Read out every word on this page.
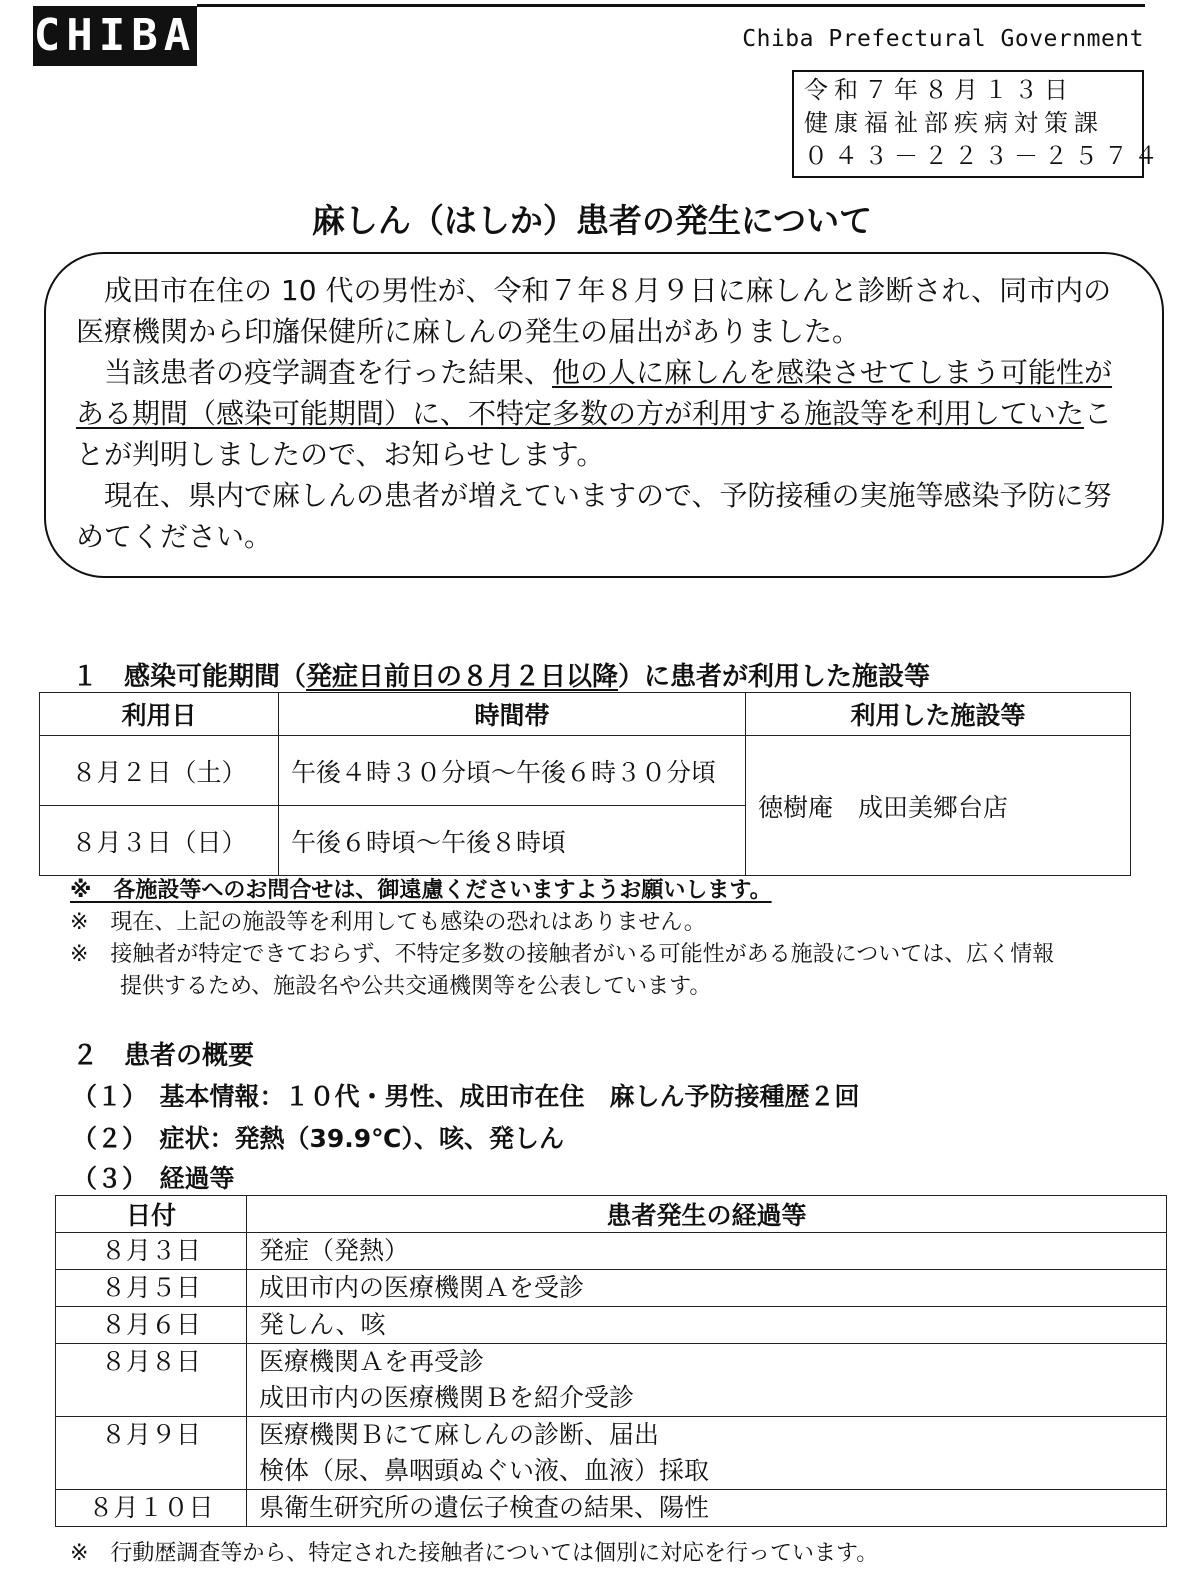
CHIBA	Chiba Prefectural Government
令和７年８月１３日
健康福祉部疾病対策課
０４３－２２３－２５７４
麻しん（はしか）患者の発生について

　成田市在住の 10 代の男性が、令和７年８月９日に麻しんと診断され、同市内の医療機関から印旛保健所に麻しんの発生の届出がありました。

　当該患者の疫学調査を行った結果、他の人に麻しんを感染させてしまう可能性がある期間（感染可能期間）に、不特定多数の方が利用する施設等を利用していたことが判明しましたので、お知らせします。

　現在、県内で麻しんの患者が増えていますので、予防接種の実施等感染予防に努めてください。

１　感染可能期間（発症日前日の８月２日以降）に患者が利用した施設等
利用日	時間帯	利用した施設等
８月２日（土）	午後４時３０分頃～午後６時３０分頃	徳樹庵　成田美郷台店
８月３日（日）	午後６時頃～午後８時頃	
※　各施設等へのお問合せは、御遠慮くださいますようお願いします。
※　現在、上記の施設等を利用しても感染の恐れはありません。
※　接触者が特定できておらず、不特定多数の接触者がいる可能性がある施設については、広く情報
提供するため、施設名や公共交通機関等を公表しています。
２　患者の概要
（１）　基本情報：１０代・男性、成田市在住　麻しん予防接種歴２回
（２）　症状：発熱（39.9℃）、咳、発しん
（３）　経過等
日付	患者発生の経過等
８月３日	発症（発熱）

８月５日	成田市内の医療機関Ａを受診

８月６日	発しん、咳

８月８日	医療機関Ａを再受診
成田市内の医療機関Ｂを紹介受診

８月９日	医療機関Ｂにて麻しんの診断、届出
検体（尿、鼻咽頭ぬぐい液、血液）採取

８月１０日	県衛生研究所の遺伝子検査の結果、陽性
※　行動歴調査等から、特定された接触者については個別に対応を行っています。
